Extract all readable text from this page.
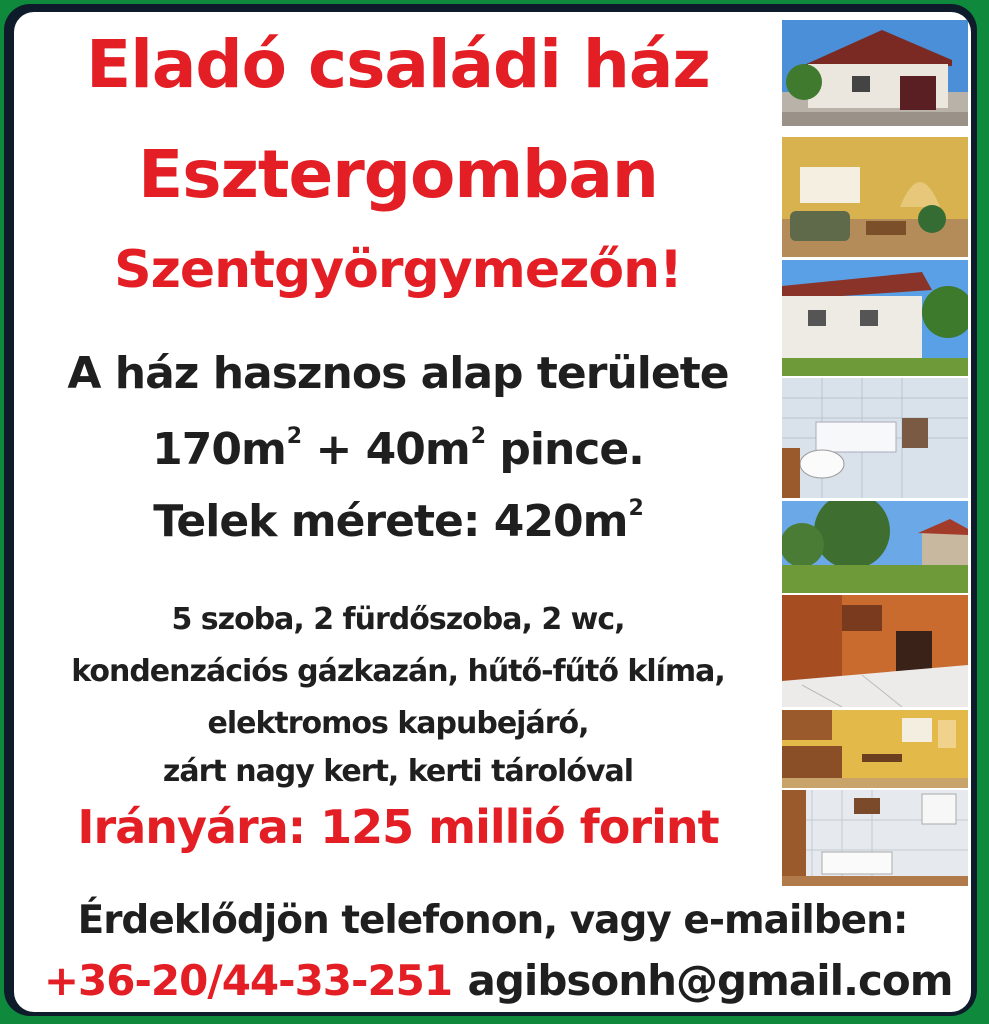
Eladó családi ház

Esztergomban

Szentgyörgymezőn!

A ház hasznos alap területe

$170m^2 + 40m^2$ pince.

Telek mérete: $420m^2$

5 szoba, 2 fürdőszoba, 2 wc,

kondenzációs gázkazán, hűtő-fűtő klíma,

elektromos kapubejáró,

zárt nagy kert, kerti tárolóval

Irányára: 125 millió forint

Érdeklődjön telefonon, vagy e-mailben:

+36-20/44-33-251 agibsonh@gmail.com
